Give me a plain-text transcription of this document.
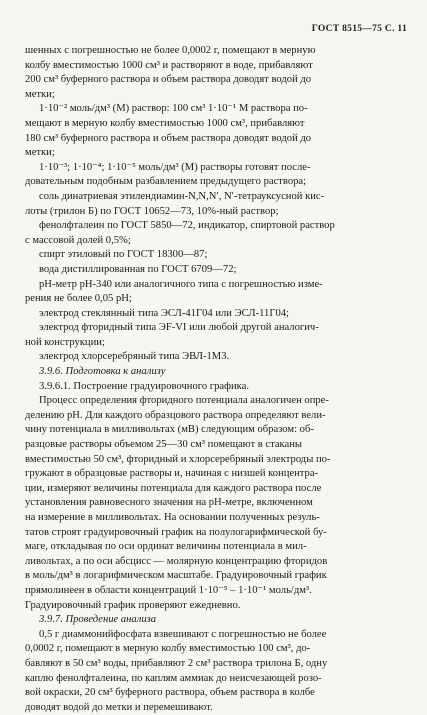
ГОСТ 8515—75 С. 11
шенных с погрешностью не более 0,0002 г, помещают в мерную
колбу вместимостью 1000 см³ и растворяют в воде, прибавляют
200 см³ буферного раствора и объем раствора доводят водой до
метки;
1·10⁻² моль/дм³ (М) раствор: 100 см³ 1·10⁻¹ М раствора по-
мещают в мерную колбу вместимостью 1000 см³, прибавляют
180 см³ буферного раствора и объем раствора доводят водой до
метки;
1·10⁻³; 1·10⁻⁴; 1·10⁻⁵ моль/дм³ (М) растворы готовят после-
довательным подобным разбавлением предыдущего раствора;
соль динатриевая этилендиамин-N,N,N′, N′-тетрауксусной кис-
лоты (трилон Б) по ГОСТ 10652—73, 10%-ный раствор;
фенолфталеин по ГОСТ 5850—72, индикатор, спиртовой раствор
с массовой долей 0,5%;
спирт этиловый по ГОСТ 18300—87;
вода дистиллированная по ГОСТ 6709—72;
рН-метр рН-340 или аналогичного типа с погрешностью изме-
рения не более 0,05 рН;
электрод стеклянный типа ЭСЛ-41Г04 или ЭСЛ-11Г04;
электрод фторидный типа ЭF-VI или любой другой аналогич-
ной конструкции;
электрод хлорсеребряный типа ЭВЛ-1М3.
3.9.6. Подготовка к анализу
3.9.6.1. Построение градуировочного графика.
Процесс определения фторидного потенциала аналогичен опре-
делению рН. Для каждого образцового раствора определяют вели-
чину потенциала в милливольтах (мВ) следующим образом: об-
разцовые растворы объемом 25—30 см³ помещают в стаканы
вместимостью 50 см³, фторидный и хлорсеребряный электроды по-
гружают в образцовые растворы и, начиная с низшей концентра-
ции, измеряют величины потенциала для каждого раствора после
установления равновесного значения на рН-метре, включенном
на измерение в милливольтах. На основании полученных резуль-
татов строят градуировочный график на полулогарифмической бу-
маге, откладывая по оси ординат величины потенциала в мил-
ливольтах, а по оси абсцисс — молярную концентрацию фторидов
в моль/дм³ в логарифмическом масштабе. Градуировочный график
прямолинеен в области концентраций 1·10⁻⁵ – 1·10⁻¹ моль/дм³.
Градуировочный график проверяют ежедневно.
3.9.7. Проведение анализа
0,5 г диаммонийфосфата взвешивают с погрешностью не более
0,0002 г, помещают в мерную колбу вместимостью 100 см³, до-
бавляют в 50 см³ воды, прибавляют 2 см³ раствора трилона Б, одну
каплю фенолфталеина, по каплям аммиак до неисчезающей розо-
вой окраски, 20 см³ буферного раствора, объем раствора в колбе
доводят водой до метки и перемешивают.
